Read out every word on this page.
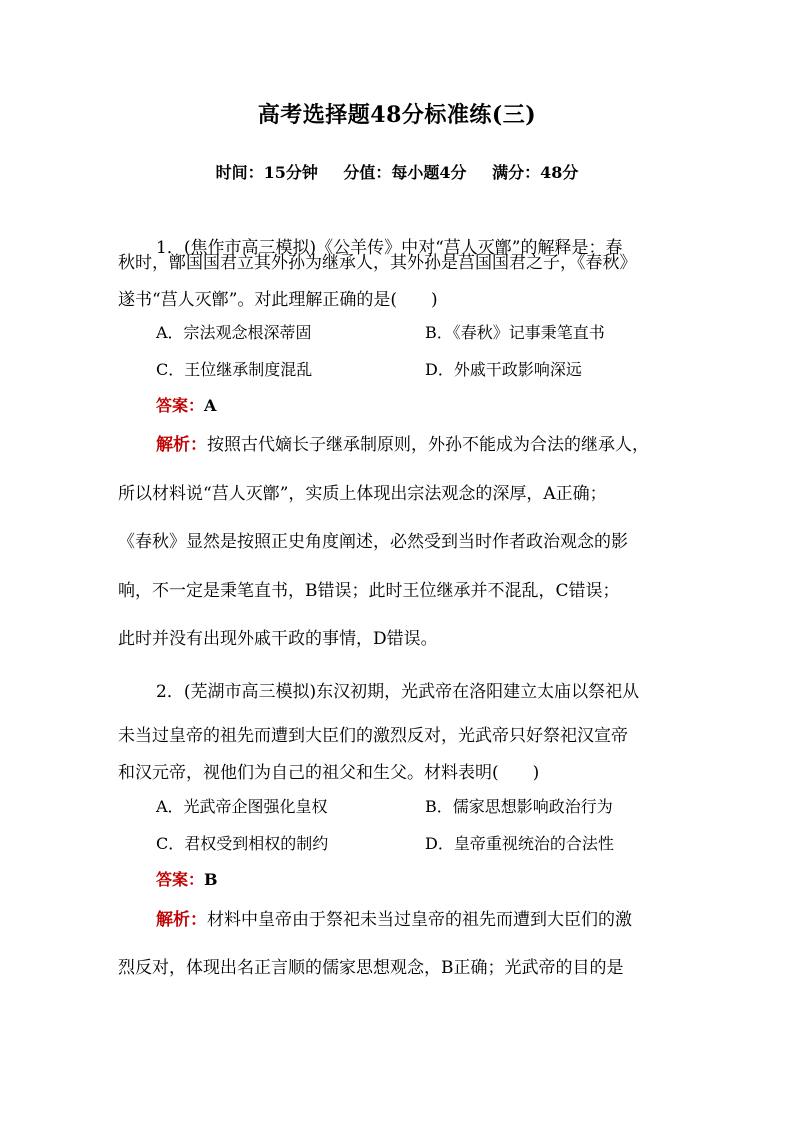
高考选择题48分标准练(三)
时间：15分钟 分值：每小题4分 满分：48分
1．(焦作市高三模拟)《公羊传》中对“莒人灭鄫”的解释是：春
秋时，鄫国国君立其外孙为继承人，其外孙是莒国国君之子，《春秋》
遂书“莒人灭鄫”。对此理解正确的是(　　)
A．宗法观念根深蒂固	B．《春秋》记事秉笔直书
C．王位继承制度混乱	D．外戚干政影响深远
答案：A
解析：按照古代嫡长子继承制原则，外孙不能成为合法的继承人，
所以材料说“莒人灭鄫”，实质上体现出宗法观念的深厚，A正确；
《春秋》显然是按照正史角度阐述，必然受到当时作者政治观念的影
响，不一定是秉笔直书，B错误；此时王位继承并不混乱，C错误；
此时并没有出现外戚干政的事情，D错误。
2．(芜湖市高三模拟)东汉初期，光武帝在洛阳建立太庙以祭祀从
未当过皇帝的祖先而遭到大臣们的激烈反对，光武帝只好祭祀汉宣帝
和汉元帝，视他们为自己的祖父和生父。材料表明(　　)
A．光武帝企图强化皇权	B．儒家思想影响政治行为
C．君权受到相权的制约	D．皇帝重视统治的合法性
答案：B
解析：材料中皇帝由于祭祀未当过皇帝的祖先而遭到大臣们的激
烈反对，体现出名正言顺的儒家思想观念，B正确；光武帝的目的是
